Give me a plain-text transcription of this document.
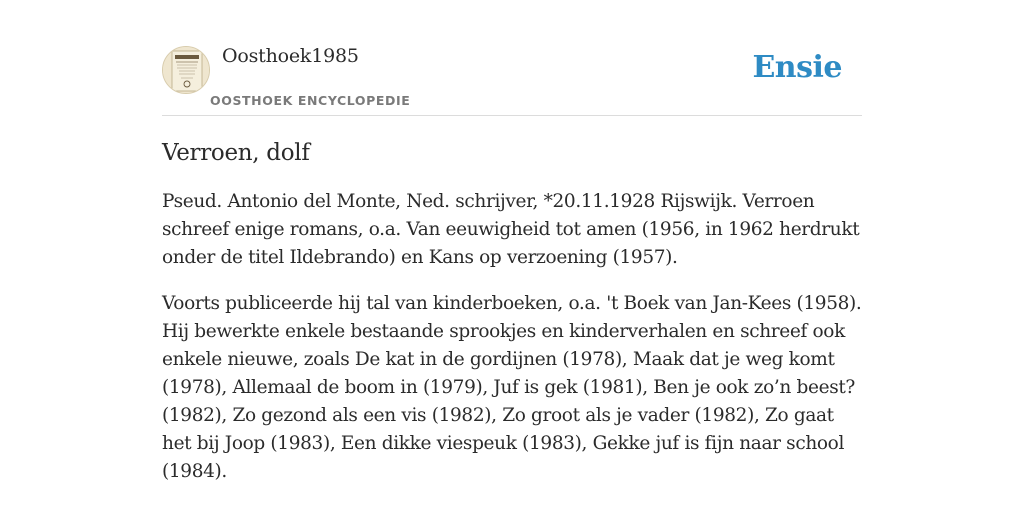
Oosthoek1985
OOSTHOEK ENCYCLOPEDIE
Ensie
Verroen, dolf

Pseud. Antonio del Monte, Ned. schrijver, *20.11.1928 Rijswijk. Verroen schreef enige romans, o.a. Van eeuwigheid tot amen (1956, in 1962 herdrukt onder de titel Ildebrando) en Kans op verzoening (1957).

Voorts publiceerde hij tal van kinderboeken, o.a. 't Boek van Jan-Kees (1958). Hij bewerkte enkele bestaande sprookjes en kinderverhalen en schreef ook enkele nieuwe, zoals De kat in de gordijnen (1978), Maak dat je weg komt (1978), Allemaal de boom in (1979), Juf is gek (1981), Ben je ook zo’n beest? (1982), Zo gezond als een vis (1982), Zo groot als je vader (1982), Zo gaat het bij Joop (1983), Een dikke viespeuk (1983), Gekke juf is fijn naar school (1984).
